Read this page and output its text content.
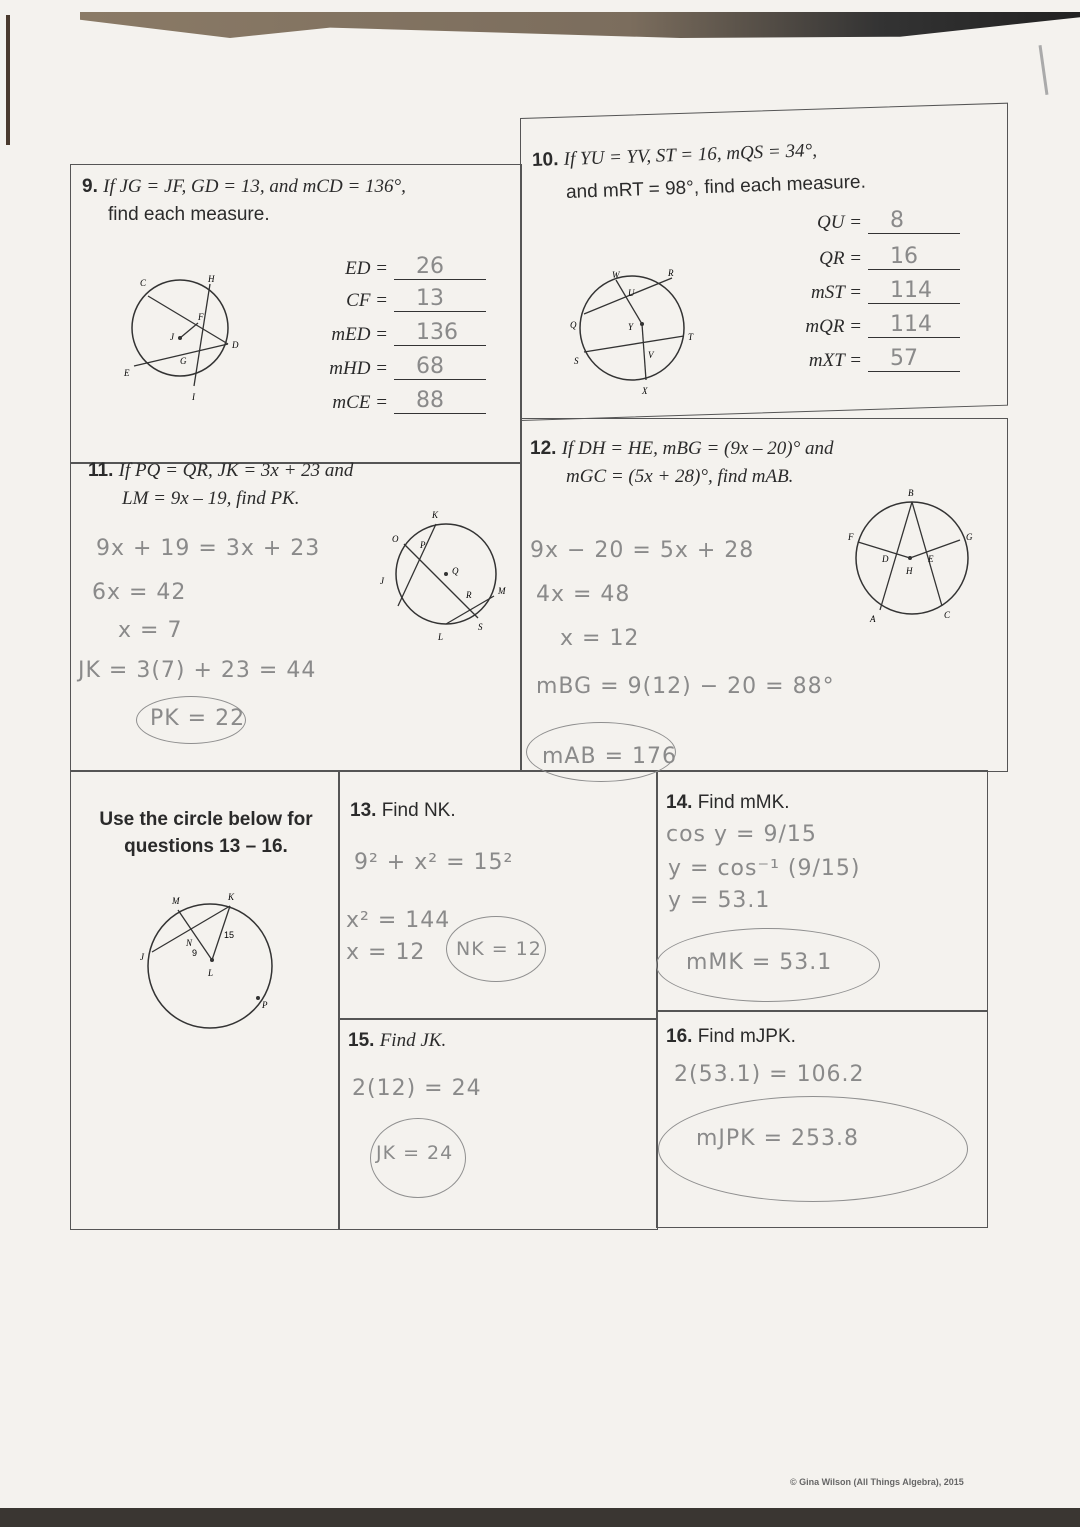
9. If JG = JF, GD = 13, and mCD = 136°,
find each measure.
C	H
F
J
D
G
E
I
ED = 26
CF = 13
mED = 136
mHD = 68
mCE = 88
10. If YU = YV, ST = 16, mQS = 34°,
and mRT = 98°, find each measure.
W	R
U
Q	Y
T
S
V
X
QU = 8
QR = 16
mST = 114
mQR = 114
mXT = 57
11. If PQ = QR, JK = 3x + 23 and
LM = 9x – 19, find PK.
K
O
P
Q
J
M
R
S
L
9x + 19 = 3x + 23
6x = 42
x = 7
JK = 3(7) + 23 = 44
PK = 22
12. If DH = HE, mBG = (9x – 20)° and
mGC = (5x + 28)°, find mAB.
B
F	G
D	E
H
A	C
9x − 20 = 5x + 28
4x = 48
x = 12
mBG = 9(12) − 20 = 88°
mAB = 176
Use the circle below for
questions 13 – 16.
M	K
N
9
15
J
L
P
13. Find NK.
9² + x² = 15²
x² = 144
x = 12 NK = 12
14. Find mMK.
cos y = 9/15
y = cos⁻¹ (9/15)
y = 53.1
mMK = 53.1
15. Find JK.
2(12) = 24
JK = 24
16. Find mJPK.
2(53.1) = 106.2
mJPK = 253.8
© Gina Wilson (All Things Algebra), 2015
